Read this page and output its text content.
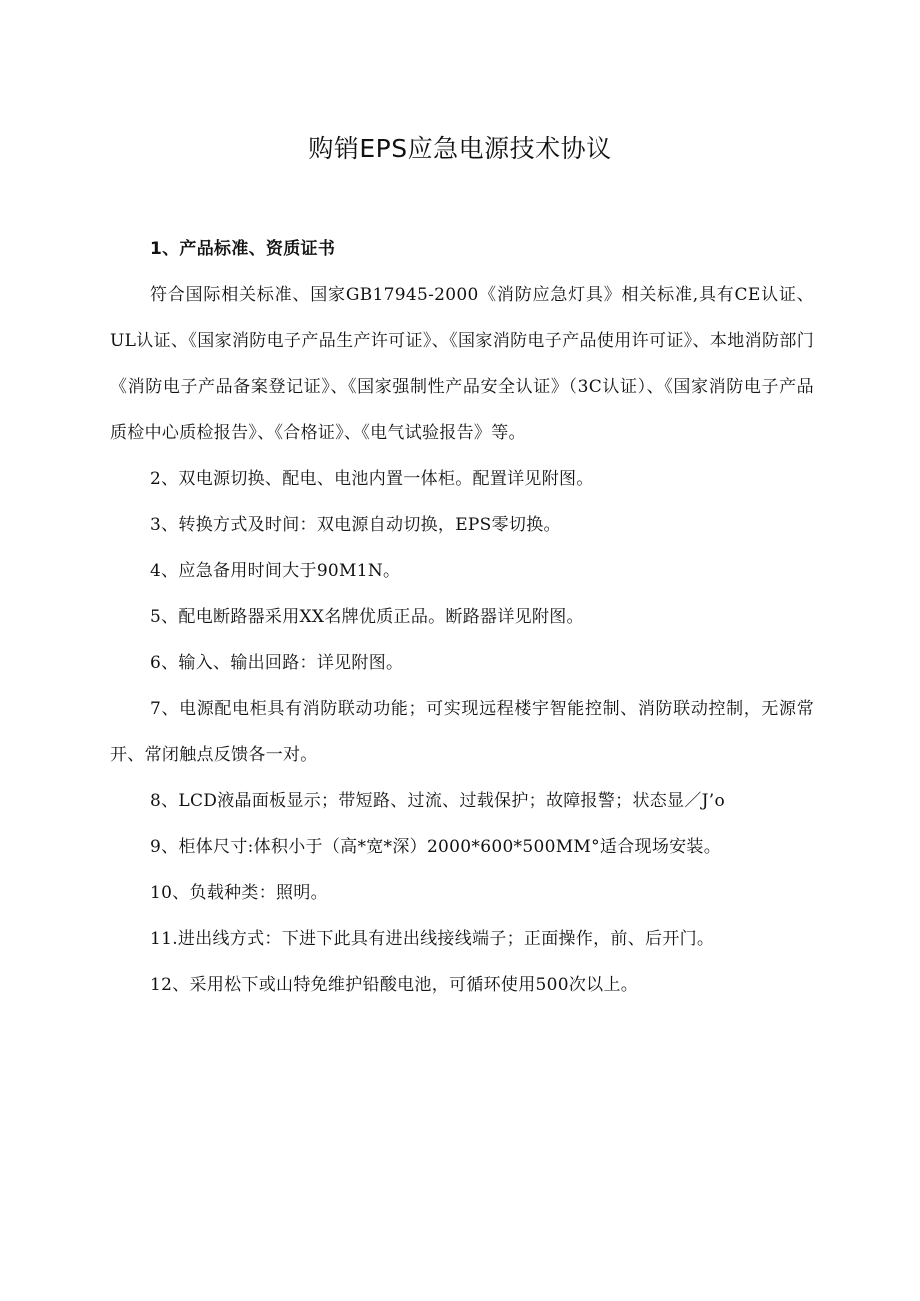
购销EPS应急电源技术协议

1、产品标准、资质证书

符合国际相关标准、国家GB17945-2000《消防应急灯具》相关标准,具有CE认证、UL认证、《国家消防电子产品生产许可证》、《国家消防电子产品使用许可证》、本地消防部门《消防电子产品备案登记证》、《国家强制性产品安全认证》（3C认证）、《国家消防电子产品质检中心质检报告》、《合格证》、《电气试验报告》等。

2、双电源切换、配电、电池内置一体柜。配置详见附图。

3、转换方式及时间：双电源自动切换，EPS零切换。

4、应急备用时间大于90M1N。

5、配电断路器采用XX名牌优质正品。断路器详见附图。

6、输入、输出回路：详见附图。

7、电源配电柜具有消防联动功能；可实现远程楼宇智能控制、消防联动控制，无源常开、常闭触点反馈各一对。

8、LCD液晶面板显示；带短路、过流、过载保护；故障报警；状态显／J’o

9、柜体尺寸:体积小于（高*宽*深）2000*600*500MM°适合现场安装。

10、负载种类：照明。

11.进出线方式：下进下此具有进出线接线端子；正面操作，前、后开门。

12、采用松下或山特免维护铅酸电池，可循环使用500次以上。
